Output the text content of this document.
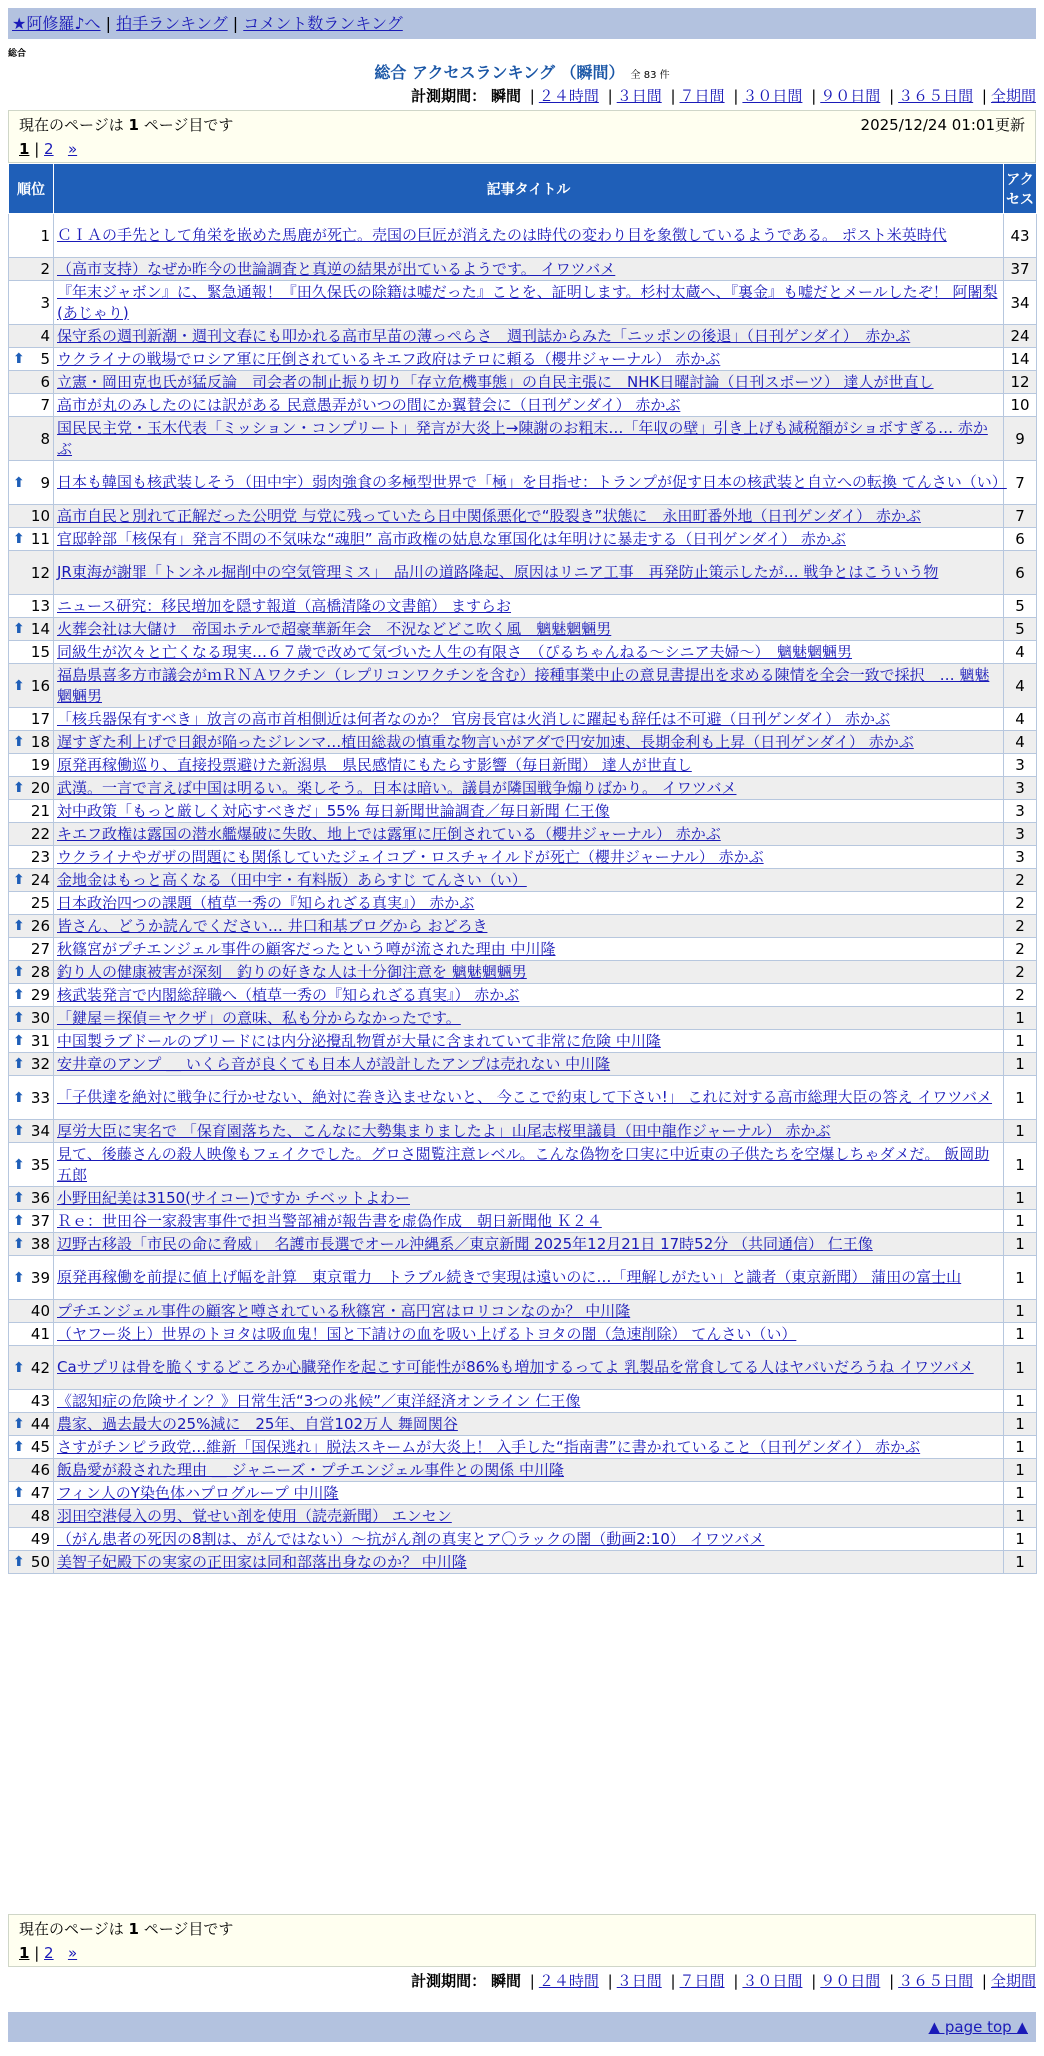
★阿修羅♪へ | 拍手ランキング | コメント数ランキング
総合
総合 アクセスランキング （瞬間） 全 83 件
計測期間： 瞬間 | ２４時間 | ３日間 | ７日間 | ３０日間 | ９０日間 | ３６５日間 | 全期間
現在のページは 1 ページ目です	2025/12/24 01:01更新
1 | 2 »
順位	記事タイトル	アクセス
1	ＣＩＡの手先として角栄を嵌めた馬鹿が死亡。売国の巨匠が消えたのは時代の変わり目を象徴しているようである。 ポスト米英時代	43
2	（高市支持）なぜか昨今の世論調査と真逆の結果が出ているようです。 イワツバメ	37
3	『年末ジャボン』に、緊急通報！『田久保氏の除籍は嘘だった』ことを、証明します。杉村太蔵へ、『裏金』も嘘だとメールしたぞ！ 阿闍梨(あじゃり)	34
4	保守系の週刊新潮・週刊文春にも叩かれる高市早苗の薄っぺらさ　週刊誌からみた「ニッポンの後退」（日刊ゲンダイ）　赤かぶ	24

⬆ 5	ウクライナの戦場でロシア軍に圧倒されているキエフ政府はテロに頼る（櫻井ジャーナル） 赤かぶ	14
6	立憲・岡田克也氏が猛反論　司会者の制止振り切り「存立危機事態」の自民主張に　NHK日曜討論（日刊スポーツ） 達人が世直し	12
7	高市が丸のみしたのには訳がある 民意愚弄がいつの間にか翼賛会に（日刊ゲンダイ） 赤かぶ	10
8	国民民主党・玉木代表「ミッション・コンプリート」発言が大炎上→陳謝のお粗末…「年収の壁」引き上げも減税額がショボすぎる… 赤かぶ	9

⬆ 9	日本も韓国も核武装しそう（田中宇）弱肉強食の多極型世界で「極」を目指せ：トランプが促す日本の核武装と自立への転換 てんさい（い）	7
10	高市自民と別れて正解だった公明党 与党に残っていたら日中関係悪化で“股裂き”状態に　永田町番外地（日刊ゲンダイ） 赤かぶ	7

⬆ 11	官邸幹部「核保有」発言不問の不気味な“魂胆” 高市政権の姑息な軍国化は年明けに暴走する（日刊ゲンダイ） 赤かぶ	6
12	JR東海が謝罪「トンネル掘削中の空気管理ミス」　品川の道路隆起、原因はリニア工事　再発防止策示したが… 戦争とはこういう物	6
13	ニュース研究：移民増加を隠す報道（高橋清隆の文書館） ますらお	5

⬆ 14	火葬会社は大儲け　帝国ホテルで超豪華新年会　不況などどこ吹く風　魑魅魍魎男	5
15	同級生が次々と亡くなる現実…６７歳で改めて気づいた人生の有限さ　（ぴるちゃんねる～シニア夫婦～）　魑魅魍魎男	4

⬆ 16	福島県喜多方市議会がｍＲＮＡワクチン（レプリコンワクチンを含む）接種事業中止の意見書提出を求める陳情を全会一致で採択　… 魑魅魍魎男	4
17	「核兵器保有すべき」放言の高市首相側近は何者なのか？ 官房長官は火消しに躍起も辞任は不可避（日刊ゲンダイ） 赤かぶ	4

⬆ 18	遅すぎた利上げで日銀が陥ったジレンマ…植田総裁の慎重な物言いがアダで円安加速、長期金利も上昇（日刊ゲンダイ） 赤かぶ	4
19	原発再稼働巡り、直接投票避けた新潟県　県民感情にもたらす影響（毎日新聞） 達人が世直し	3

⬆ 20	武漢。一言で言えば中国は明るい。楽しそう。日本は暗い。議員が隣国戦争煽りばかり。 イワツバメ	3
21	対中政策「もっと厳しく対応すべきだ」55% 毎日新聞世論調査／毎日新聞 仁王像	3
22	キエフ政権は露国の潜水艦爆破に失敗、地上では露軍に圧倒されている（櫻井ジャーナル） 赤かぶ	3
23	ウクライナやガザの問題にも関係していたジェイコブ・ロスチャイルドが死亡（櫻井ジャーナル） 赤かぶ	3

⬆ 24	金地金はもっと高くなる（田中宇・有料版）あらすじ てんさい（い）	2
25	日本政治四つの課題（植草一秀の『知られざる真実』） 赤かぶ	2

⬆ 26	皆さん、どうか読んでください… 井口和基ブログから おどろき	2
27	秋篠宮がプチエンジェル事件の顧客だったという噂が流された理由 中川隆	2

⬆ 28	釣り人の健康被害が深刻　釣りの好きな人は十分御注意を 魑魅魍魎男	2

⬆ 29	核武装発言で内閣総辞職へ（植草一秀の『知られざる真実』） 赤かぶ	2

⬆ 30	「鍵屋＝探偵＝ヤクザ」の意味、私も分からなかったです。	1

⬆ 31	中国製ラブドールのブリードには内分泌攪乱物質が大量に含まれていて非常に危険 中川隆	1

⬆ 32	安井章のアンプ ＿ いくら音が良くても日本人が設計したアンプは売れない 中川隆	1

⬆ 33	「子供達を絶対に戦争に行かせない、絶対に巻き込ませないと、 今ここで約束して下さい!」 これに対する高市総理大臣の答え イワツバメ	1

⬆ 34	厚労大臣に実名で 「保育園落ちた、こんなに大勢集まりましたよ」山尾志桜里議員（田中龍作ジャーナル） 赤かぶ	1

⬆ 35	見て、後藤さんの殺人映像もフェイクでした。グロさ閲覧注意レベル。こんな偽物を口実に中近東の子供たちを空爆しちゃダメだ。 飯岡助五郎	1

⬆ 36	小野田紀美は3150(サイコー)ですか チベットよわー	1

⬆ 37	Ｒｅ：世田谷一家殺害事件で担当警部補が報告書を虚偽作成　朝日新聞他 Ｋ２４	1

⬆ 38	辺野古移設「市民の命に脅威」　名護市長選でオール沖縄系／東京新聞 2025年12月21日 17時52分 （共同通信） 仁王像	1

⬆ 39	原発再稼働を前提に値上げ幅を計算　東京電力　トラブル続きで実現は遠いのに…「理解しがたい」と識者（東京新聞） 蒲田の富士山	1
40	プチエンジェル事件の顧客と噂されている秋篠宮・高円宮はロリコンなのか？ 中川隆	1
41	（ヤフー炎上）世界のトヨタは吸血鬼！国と下請けの血を吸い上げるトヨタの闇（急速削除） てんさい（い）	1

⬆ 42	Caサプリは骨を脆くするどころか心臓発作を起こす可能性が86%も増加するってよ 乳製品を常食してる人はヤバいだろうね イワツバメ	1
43	《認知症の危険サイン？》日常生活“3つの兆候”／東洋経済オンライン 仁王像	1

⬆ 44	農家、過去最大の25%減に　25年、自営102万人 舞岡関谷	1

⬆ 45	さすがチンピラ政党…維新「国保逃れ」脱法スキームが大炎上！ 入手した“指南書”に書かれていること（日刊ゲンダイ） 赤かぶ	1
46	飯島愛が殺された理由 ＿ ジャニーズ・プチエンジェル事件との関係 中川隆	1

⬆ 47	フィン人のY染色体ハプログループ 中川隆	1
48	羽田空港侵入の男、覚せい剤を使用（読売新聞） エンセン	1
49	（がん患者の死因の8割は、がんではない）～抗がん剤の真実とア〇ラックの闇（動画2:10） イワツバメ	1

⬆ 50	美智子妃殿下の実家の正田家は同和部落出身なのか？ 中川隆	1
現在のページは 1 ページ目です
1 | 2 »
計測期間： 瞬間 | ２４時間 | ３日間 | ７日間 | ３０日間 | ９０日間 | ３６５日間 | 全期間
▲ page top ▲
